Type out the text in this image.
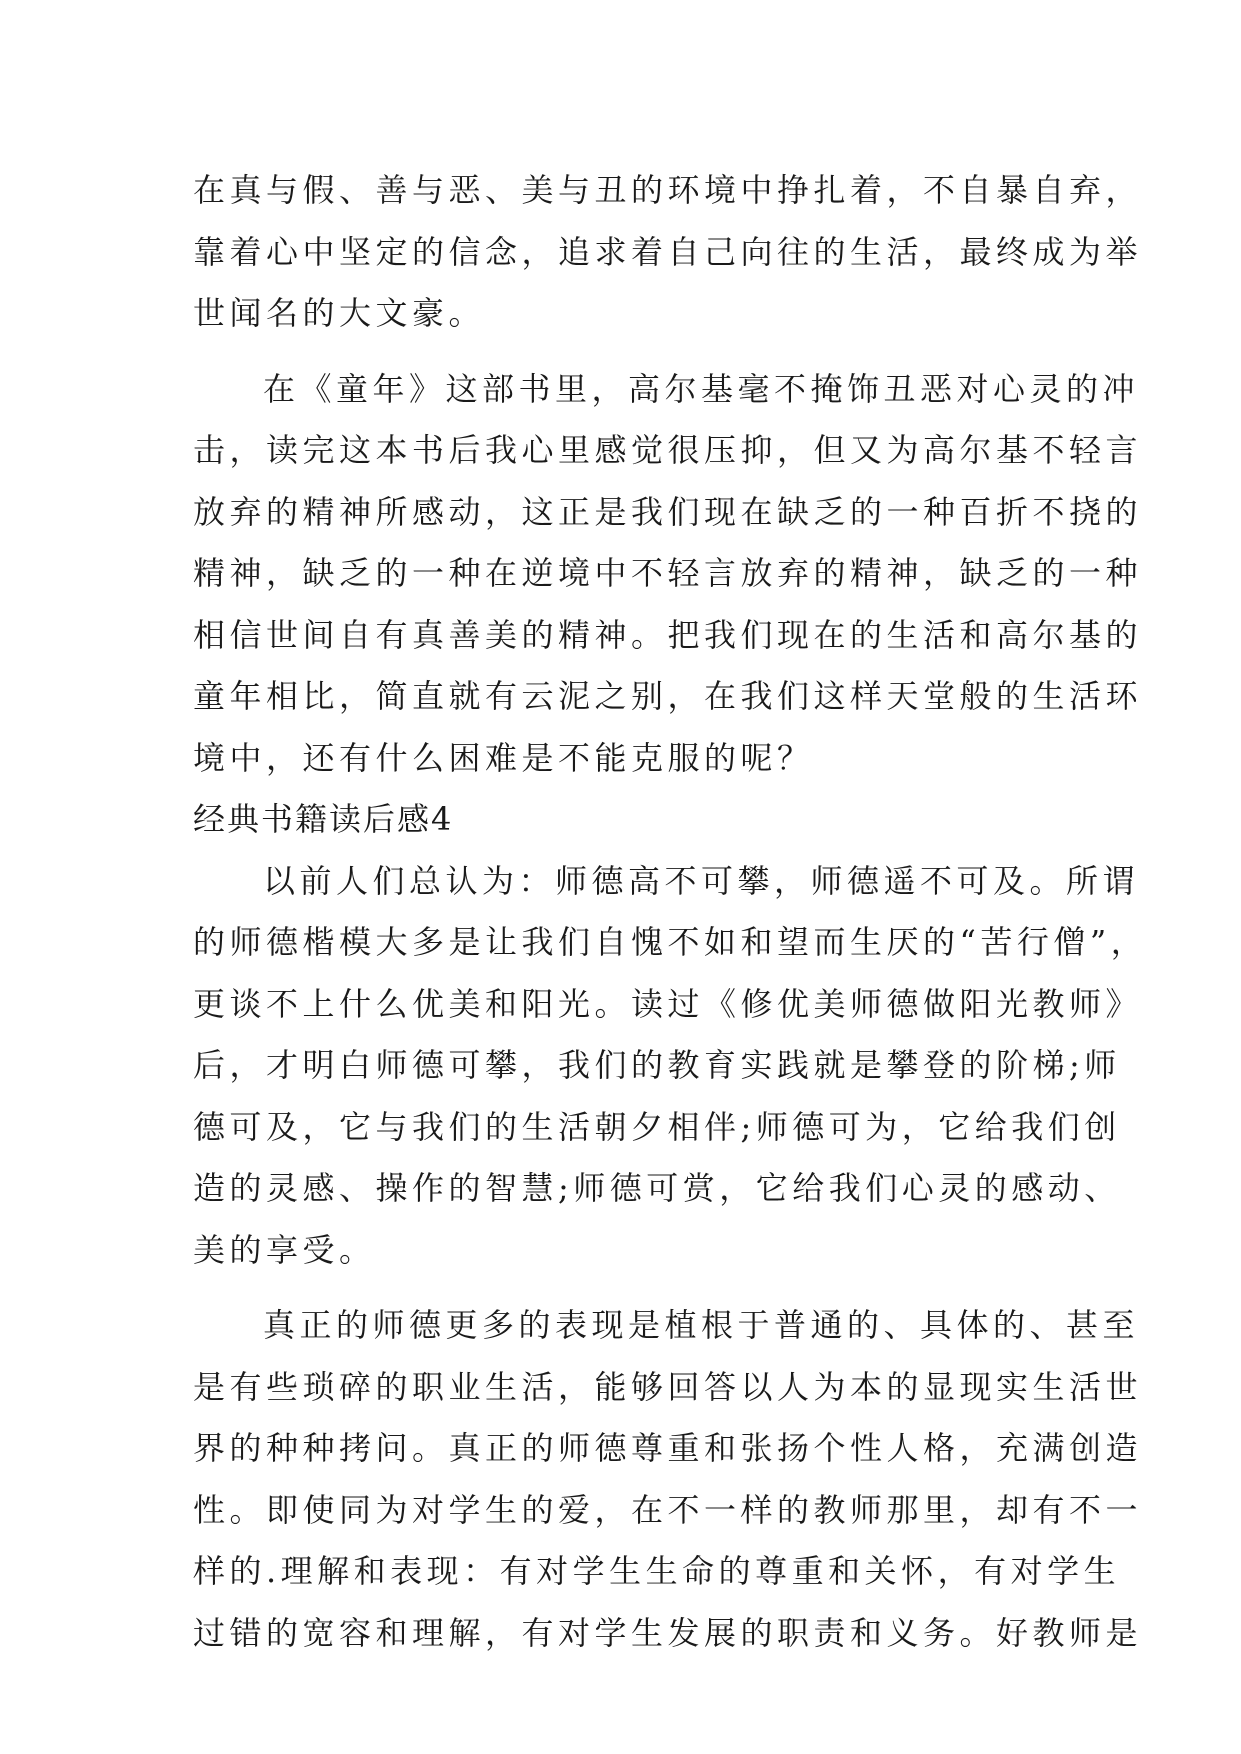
在真与假、善与恶、美与丑的环境中挣扎着，不自暴自弃，
靠着心中坚定的信念，追求着自己向往的生活，最终成为举
世闻名的大文豪。
在《童年》这部书里，高尔基毫不掩饰丑恶对心灵的冲
击，读完这本书后我心里感觉很压抑，但又为高尔基不轻言
放弃的精神所感动，这正是我们现在缺乏的一种百折不挠的
精神，缺乏的一种在逆境中不轻言放弃的精神，缺乏的一种
相信世间自有真善美的精神。把我们现在的生活和高尔基的
童年相比，简直就有云泥之别，在我们这样天堂般的生活环
境中，还有什么困难是不能克服的呢？
经典书籍读后感4
以前人们总认为：师德高不可攀，师德遥不可及。所谓
的师德楷模大多是让我们自愧不如和望而生厌的“苦行僧”，
更谈不上什么优美和阳光。读过《修优美师德做阳光教师》
后，才明白师德可攀，我们的教育实践就是攀登的阶梯;师
德可及，它与我们的生活朝夕相伴;师德可为，它给我们创
造的灵感、操作的智慧;师德可赏，它给我们心灵的感动、
美的享受。
真正的师德更多的表现是植根于普通的、具体的、甚至
是有些琐碎的职业生活，能够回答以人为本的显现实生活世
界的种种拷问。真正的师德尊重和张扬个性人格，充满创造
性。即使同为对学生的爱，在不一样的教师那里，却有不一
样的.理解和表现：有对学生生命的尊重和关怀，有对学生
过错的宽容和理解，有对学生发展的职责和义务。好教师是
